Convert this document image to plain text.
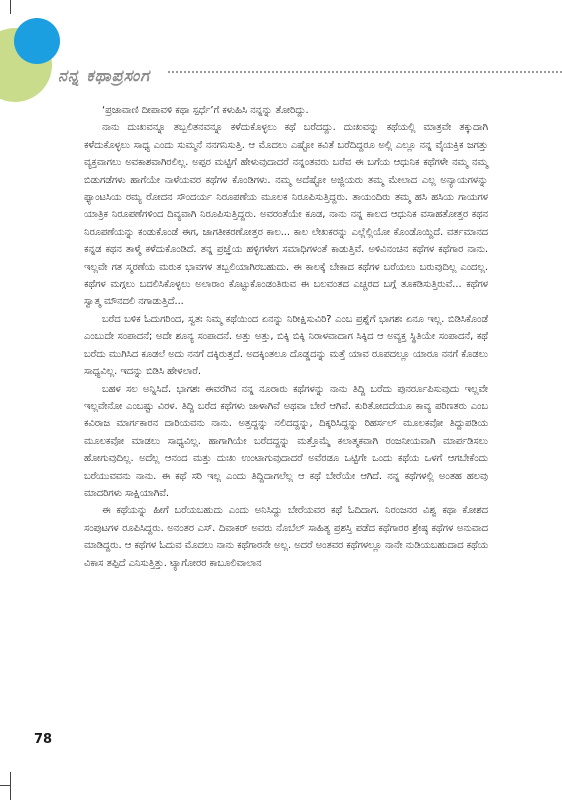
ನನ್ನ ಕಥಾಪ್ರಸಂಗ

‘ಪ್ರಜಾವಾಣಿ ದೀಪಾವಳಿ ಕಥಾ ಸ್ಪರ್ಧೆ’ಗೆ ಕಳುಹಿಸಿ ನನ್ನನ್ನು ತೋರಿದ್ದು.

ನಾನು ದುಃಖವನ್ನೂ ತಬ್ಬಲಿತನವನ್ನೂ ಕಳೆದುಕೊಳ್ಳಲು ಕಥೆ ಬರೆದದ್ದು. ದುಃಖವನ್ನು ಕಥೆಯಲ್ಲಿ ಮಾತ್ರವೇ ತಕ್ಕುದಾಗಿ ಕಳೆದುಕೊಳ್ಳಲು ಸಾಧ್ಯ ಎಂದು ಸುಮ್ಮನೆ ನನಗನಿಸುತ್ತಿ. ಆ ಮೊದಲು ಎಷ್ಟೋ ಕವಿತೆ ಬರೆದಿದ್ದರೂ ಅಲ್ಲಿ ಎಲ್ಲೂ ನನ್ನ ವೈಯಕ್ತಿಕ ಜಗತ್ತು ವ್ಯಕ್ತವಾಗಲು ಅವಕಾಶವಾಗಿರಲಿಲ್ಲ. ಅಪ್ಪರ ಮಟ್ಟಿಗೆ ಹೇಳುವುದಾದರೆ ನನ್ನಂತವರು ಬರೆವ ಈ ಬಗೆಯ ಆಧುನಿಕ ಕಥೆಗಳೇ ನಮ್ಮ ನಮ್ಮ ಬಿಡುಗಡೆಗಳು ಹಾಗೆಯೇ ನಾಳೆಯವರ ಕಥೆಗಳ ಕೊಂಡಿಗಳು. ನಮ್ಮ ಅದೆಷ್ಟೋ ಅಜ್ಜಿಯರು ತಮ್ಮ ಮೇಲಾದ ಎಲ್ಲ ಅನ್ಯಾಯಗಳನ್ನು ಫ್ಯಾಂಟಸಿಯ ರಮ್ಯ ರೋದನ ಸೌಂದರ್ಯ ನಿರೂಪಣೆಯ ಮೂಲಕ ನಿರೂಪಿಸುತ್ತಿದ್ದರು. ತಾಯಂದಿರು ತಮ್ಮ ಹಸಿ ಹಸಿಯ ಗಾಯಗಳ ಯಾತ್ರಿಕ ನಿರೂಪಣೆಗಳಿಂದ ದಿವ್ಯವಾಗಿ ನಿರೂಪಿಸುತ್ತಿದ್ದರು. ಅವರಂತೆಯೇ ಕೂಡ, ನಾನು ನನ್ನ ಕಾಲದ ಆಧುನಿಕ ವಸಾಹತೋತ್ತರ ಕಥನ ನಿರೂಪಣೆಯನ್ನು ಕಂಡುಕೊಂಡೆ ಈಗ, ಜಾಗತೀಕರಣೋತ್ತರ ಕಾಲ... ಕಾಲ ಲೇಖಕರನ್ನು ಎಲ್ಲೆಲ್ಲಿಯೋ ಕೊಂಡೊಯ್ದಿದೆ. ವರ್ತಮಾನದ ಕನ್ನಡ ಕಥನ ತಾಳ್ಮೆ ಕಳೆದುಕೊಂಡಿದೆ. ತನ್ನ ಪ್ರಜ್ಞೆಯ ಹಳ್ಳಿಗಳೇಗ ಸಮಾಧಿಗಳಂತೆ ಕಾಡುತ್ತಿವೆ. ಅಳಿವಿನಂಚಿನ ಕಥೆಗಳ ಕಥೆಗಾರ ನಾನು. ಇಲ್ಲವೇ ಗತ ಸ್ಮರಣೆಯ ಮರುಕ ಭಾವಗಳ ತಬ್ಬಲಿಯಾಗಿರಬಹುದು. ಈ ಕಾಲಕ್ಕೆ ಬೇಕಾದ ಕಥೆಗಳ ಬರೆಯಲು ಬರುವುದಿಲ್ಲ ಎಂದಲ್ಲ. ಕಥೆಗಳ ಮಗ್ಗಲು ಬದಲಿಸಿಕೊಳ್ಳಲು ಅಲಾರಾಂ ಕೊಟ್ಟುಕೊಂಡಂತಿರುವ ಈ ಬಲವಂತದ ಎಚ್ಚರದ ಬಗ್ಗೆ ತೂಕಡಿಸುತ್ತಿರುವೆ... ಕಥೆಗಳ ಸ್ವಾತ್ಮ ಮೌನದಲಿ ನಗಾಡುತ್ತಿದೆ...

ಬರೆದ ಬಳಿಕ ಓದುಗರಿಂದ, ಸ್ವತಃ ನಿಮ್ಮ ಕಥೆಯಿಂದ ಏನನ್ನು ನಿರೀಕ್ಷಿಸುವಿರಿ? ಎಂಬ ಪ್ರಶ್ನೆಗೆ ಭಾಗಶಃ ಏನೂ ಇಲ್ಲ. ಬಿಡಿಸಿಕೊಂಡೆ ಎಂಬುದೇ ಸಂಪಾದನೆ; ಅದೇ ಶೂನ್ಯ ಸಂಪಾದನೆ. ಅತ್ತು ಅತ್ತು, ಬಿಕ್ಕಿ ಬಿಕ್ಕಿ ನಿರಾಳವಾದಾಗ ಸಿಕ್ಕಿದ ಆ ಅವ್ಯಕ್ತ ಸ್ಥಿತಿಯೇ ಸಂಪಾದನೆ, ಕಥೆ ಬರೆದು ಮುಗಿಸಿದ ಕೂಡಲೆ ಅದು ನನಗೆ ದಕ್ಕಿರುತ್ತದೆ. ಅದಕ್ಕಿಂತಲೂ ದೊಡ್ಡದನ್ನು ಮತ್ತೆ ಯಾವ ರೂಪದಲ್ಲೂ ಯಾರೂ ನನಗೆ ಕೊಡಲು ಸಾಧ್ಯವಿಲ್ಲ. ಇದನ್ನು ಬಿಡಿಸಿ ಹೇಳಲಾರೆ.

ಬಹಳ ಸಲ ಅನ್ನಿಸಿದೆ. ಭಾಗಶಃ ಈವರೆಗಿನ ನನ್ನ ನೂರಾರು ಕಥೆಗಳನ್ನು ನಾನು ತಿದ್ದಿ ಬರೆದು ಪುನರ್ರೂಪಿಸುವುದು ಇಲ್ಲವೇ ಇಲ್ಲವೇನೋ ಎಂಬಷ್ಟು ವಿರಳ. ತಿದ್ದಿ ಬರೆದ ಕಥೆಗಳು ಜಾಳಾಗಿವೆ ಅಥವಾ ಬೇರೆ ಆಗಿವೆ. ಕುರಿತೋದದೆಯೂ ಕಾವ್ಯ ಪರಿಣತರು ಎಂಬ ಕವಿರಾಜ ಮಾರ್ಗಕಾರನ ದಾರಿಯವನು ನಾನು. ಅತ್ತದ್ದನ್ನು ನಲಿದದ್ದನ್ನು, ದಿಕ್ಕರಿಸಿದ್ದನ್ನು ರಿಹರ್ಸಲ್ ಮೂಲಕವೋ ತಿದ್ದುಪಡಿಯ ಮೂಲಕವೋ ಮಾಡಲು ಸಾಧ್ಯವಿಲ್ಲ. ಹಾಗಾಗಿಯೇ ಬರೆದದ್ದನ್ನು ಮತ್ತೊಮ್ಮೆ ಕಲಾತ್ಮಕವಾಗಿ ರಂಜನೀಯವಾಗಿ ಮಾರ್ಪಡಿಸಲು ಹೋಗುವುದಿಲ್ಲ. ಅದೆಲ್ಲ ಆನಂದ ಮತ್ತು ದುಃಖ ಉಂಟಾಗುವುದಾದರೆ ಅವೆರಡೂ ಒಟ್ಟಿಗೇ ಒಂದು ಕಥೆಯ ಒಳಗೆ ಆಗಬೇಕೆಂದು ಬರೆಯುವವನು ನಾನು. ಈ ಕಥೆ ಸರಿ ಇಲ್ಲ ಎಂದು ತಿದ್ದಿದಾಗಲೆಲ್ಲ ಆ ಕಥೆ ಬೇರೆಯೇ ಆಗಿದೆ. ನನ್ನ ಕಥೆಗಳಲ್ಲಿ ಅಂತಹ ಹಲವು ಮಾದರಿಗಳು ಸಾಕ್ಷಿಯಾಗಿವೆ.

ಈ ಕಥೆಯನ್ನು ಹೀಗೆ ಬರೆಯಬಹುದು ಎಂದು ಅನಿಸಿದ್ದು ಬೇರೆಯವರ ಕಥೆ ಓದಿದಾಗ. ನಿರಂಜನರ ವಿಶ್ವ ಕಥಾ ಕೋಶದ ಸಂಪುಟಗಳ ರೂಪಿಸಿದ್ದರು. ಅನಂತರ ಎಸ್. ದಿವಾಕರ್ ಅವರು ನೊಬೆಲ್ ಸಾಹಿತ್ಯ ಪ್ರಶಸ್ತಿ ಪಡೆದ ಕಥೆಗಾರರ ಶ್ರೇಷ್ಠ ಕಥೆಗಳ ಅನುವಾದ ಮಾಡಿದ್ದರು. ಆ ಕಥೆಗಳ ಓದುವ ಮೊದಲು ನಾನು ಕಥೆಗಾರನೇ ಅಲ್ಲ. ಅದರೆ ಅಂತವರ ಕಥೆಗಳಲ್ಲೂ ನಾನೇ ನುಡಿಯಬಹುದಾದ ಕಥೆಯ ವಿಕಾಸ ತಪ್ಪಿದೆ ಎನಿಸುತ್ತಿತ್ತು. ಟ್ಯಾಗೋರರ ಕಾಬೂಲಿವಾಲಾನ

78
